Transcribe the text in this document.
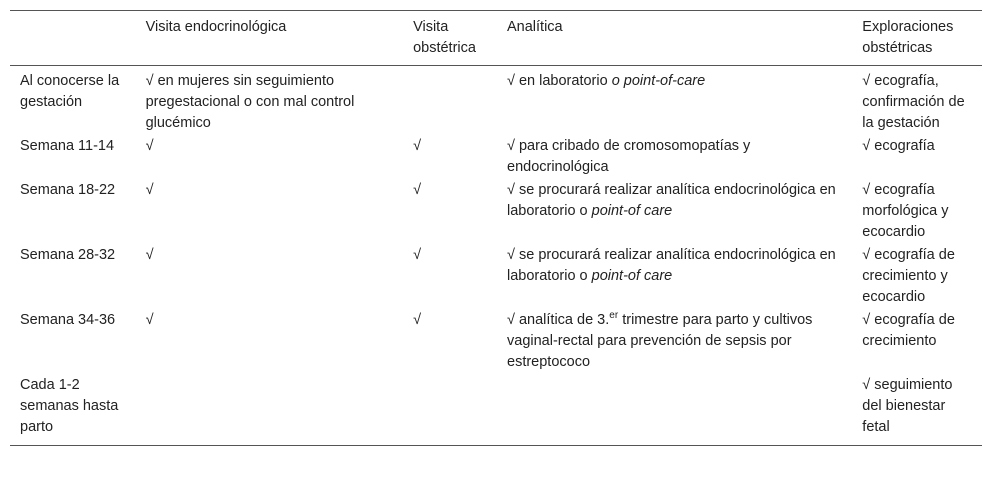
	Visita endocrinológica	Visita obstétrica	Analítica	Exploraciones obstétricas
Al conocerse la gestación	√ en mujeres sin seguimiento pregestacional o con mal control glucémico		√ en laboratorio o point-of-care	√ ecografía, confirmación de la gestación
Semana 11-14	√	√	√ para cribado de cromosomopatías y endocrinológica	√ ecografía
Semana 18-22	√	√	√ se procurará realizar analítica endocrinológica en laboratorio o point-of care	√ ecografía morfológica y ecocardio
Semana 28-32	√	√	√ se procurará realizar analítica endocrinológica en laboratorio o point-of care	√ ecografía de crecimiento y ecocardio
Semana 34-36	√	√	√ analítica de 3.$^{er}$ trimestre para parto y cultivos vaginal-rectal para prevención de sepsis por estreptococo	√ ecografía de crecimiento
Cada 1-2 semanas hasta parto				√ seguimiento del bienestar fetal
